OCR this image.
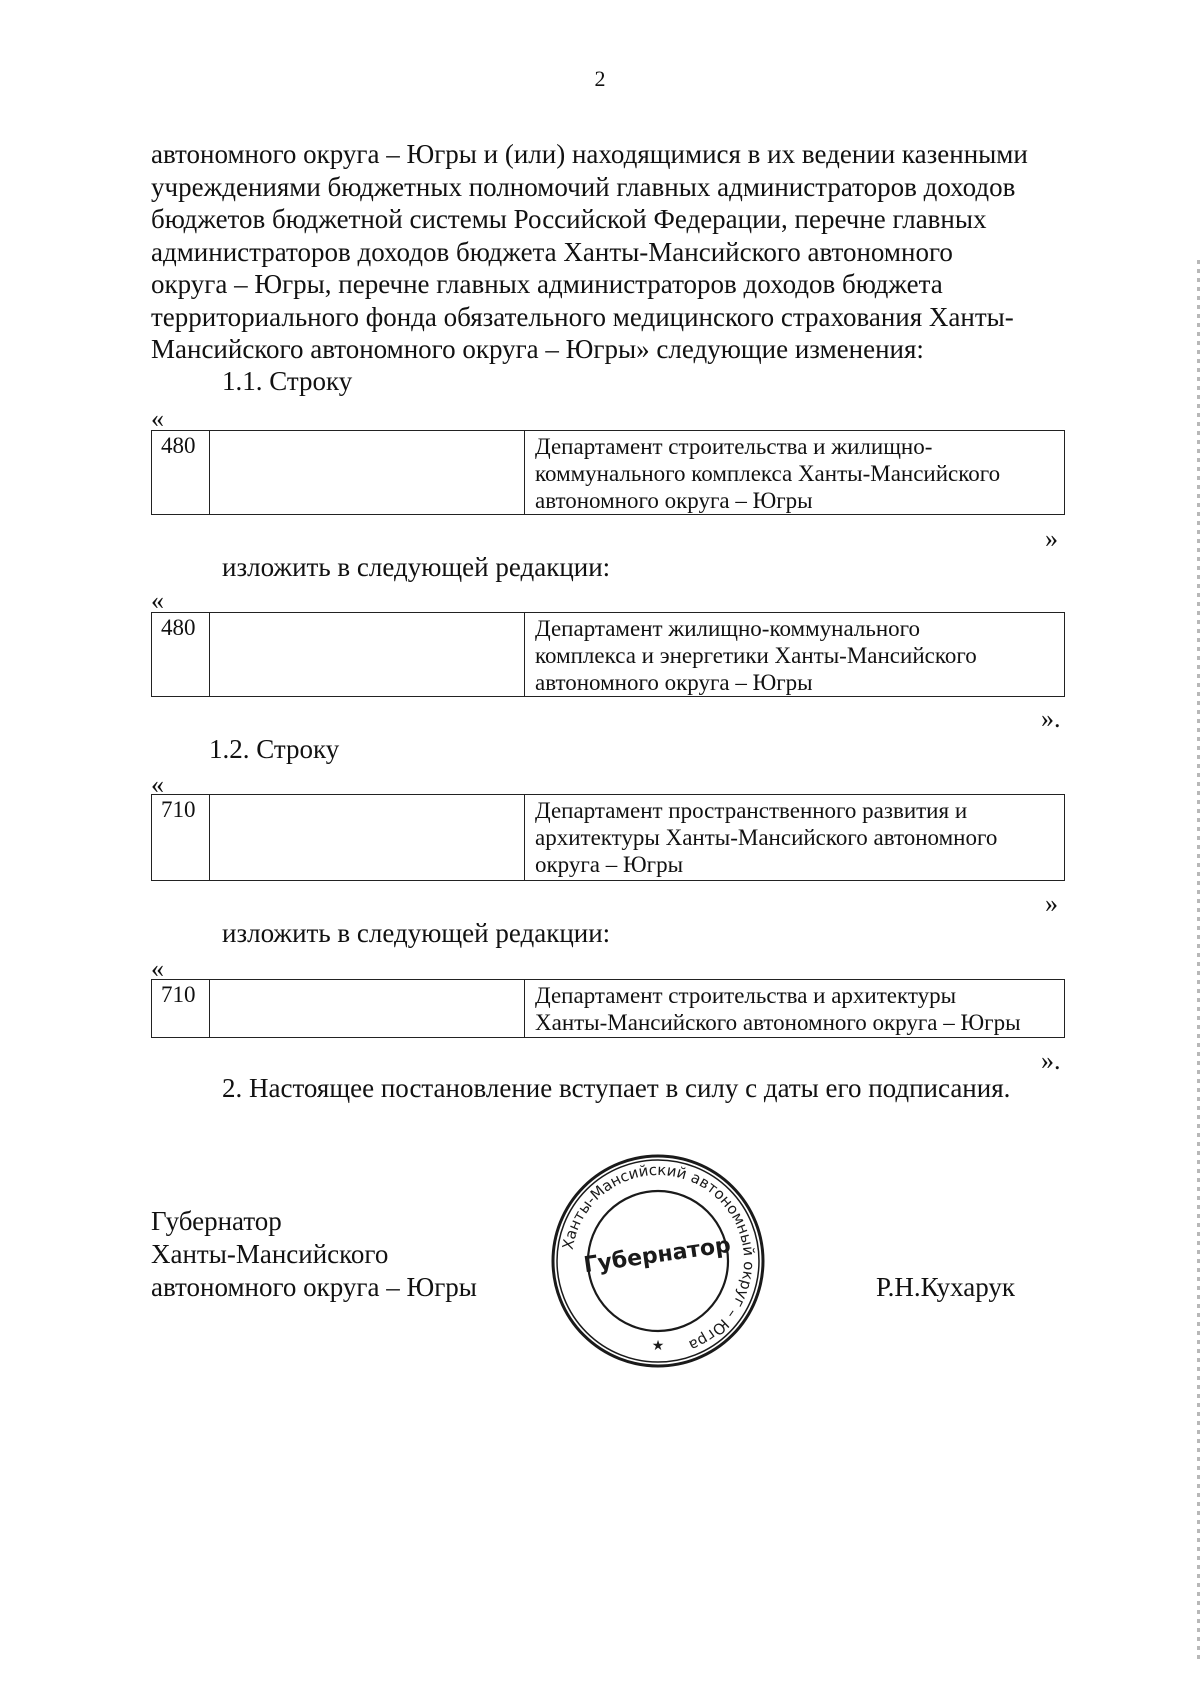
2

автономного округа – Югры и (или) находящимися в их ведении казенными

учреждениями бюджетных полномочий главных администраторов доходов

бюджетов бюджетной системы Российской Федерации, перечне главных

администраторов доходов бюджета Ханты-Мансийского автономного

округа – Югры, перечне главных администраторов доходов бюджета

территориального фонда обязательного медицинского страхования Ханты-

Мансийского автономного округа – Югры» следующие изменения:

1.1. Строку
«
480		Департамент строительства и жилищно-
коммунального комплекса Ханты-Мансийского
автономного округа – Югры
»
изложить в следующей редакции:
«
480		Департамент жилищно-коммунального
комплекса и энергетики Ханты-Мансийского
автономного округа – Югры
».
1.2. Строку
«
710		Департамент пространственного развития и
архитектуры Ханты-Мансийского автономного
округа – Югры
»
изложить в следующей редакции:
«
710		Департамент строительства и архитектуры
Ханты-Мансийского автономного округа – Югры
».
2. Настоящее постановление вступает в силу с даты его подписания.
Губернатор
Ханты-Мансийского
автономного округа – Югры	Р.Н.Кухарук
Ханты-Мансийский автономный округ – Югра
Губернатор
★
